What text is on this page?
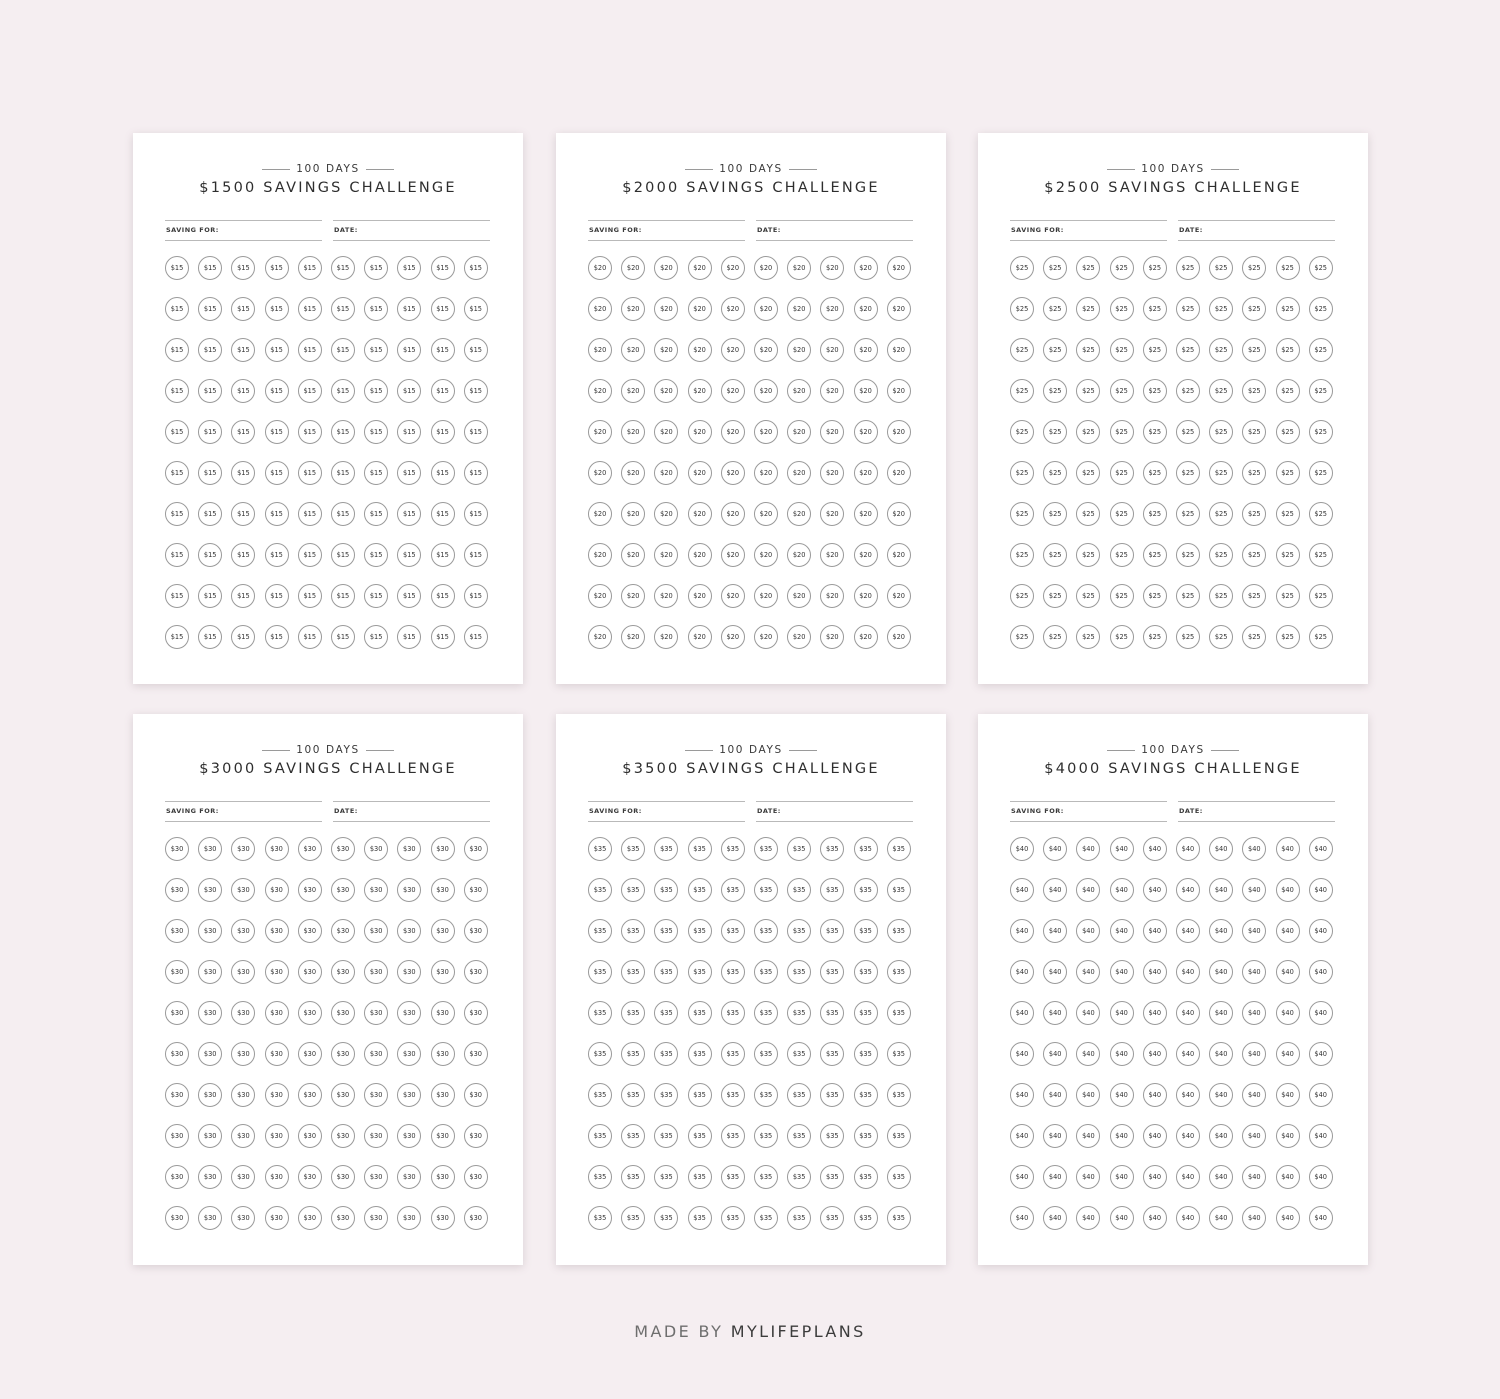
100 DAYS
$1500 SAVINGS CHALLENGE
SAVING FOR:	DATE:
$15	$15	$15	$15	$15	$15	$15	$15	$15	$15
$15	$15	$15	$15	$15	$15	$15	$15	$15	$15
$15	$15	$15	$15	$15	$15	$15	$15	$15	$15
$15	$15	$15	$15	$15	$15	$15	$15	$15	$15
$15	$15	$15	$15	$15	$15	$15	$15	$15	$15
$15	$15	$15	$15	$15	$15	$15	$15	$15	$15
$15	$15	$15	$15	$15	$15	$15	$15	$15	$15
$15	$15	$15	$15	$15	$15	$15	$15	$15	$15
$15	$15	$15	$15	$15	$15	$15	$15	$15	$15
$15	$15	$15	$15	$15	$15	$15	$15	$15	$15
100 DAYS
$2000 SAVINGS CHALLENGE
SAVING FOR:	DATE:
$20	$20	$20	$20	$20	$20	$20	$20	$20	$20
$20	$20	$20	$20	$20	$20	$20	$20	$20	$20
$20	$20	$20	$20	$20	$20	$20	$20	$20	$20
$20	$20	$20	$20	$20	$20	$20	$20	$20	$20
$20	$20	$20	$20	$20	$20	$20	$20	$20	$20
$20	$20	$20	$20	$20	$20	$20	$20	$20	$20
$20	$20	$20	$20	$20	$20	$20	$20	$20	$20
$20	$20	$20	$20	$20	$20	$20	$20	$20	$20
$20	$20	$20	$20	$20	$20	$20	$20	$20	$20
$20	$20	$20	$20	$20	$20	$20	$20	$20	$20
100 DAYS
$2500 SAVINGS CHALLENGE
SAVING FOR:	DATE:
$25	$25	$25	$25	$25	$25	$25	$25	$25	$25
$25	$25	$25	$25	$25	$25	$25	$25	$25	$25
$25	$25	$25	$25	$25	$25	$25	$25	$25	$25
$25	$25	$25	$25	$25	$25	$25	$25	$25	$25
$25	$25	$25	$25	$25	$25	$25	$25	$25	$25
$25	$25	$25	$25	$25	$25	$25	$25	$25	$25
$25	$25	$25	$25	$25	$25	$25	$25	$25	$25
$25	$25	$25	$25	$25	$25	$25	$25	$25	$25
$25	$25	$25	$25	$25	$25	$25	$25	$25	$25
$25	$25	$25	$25	$25	$25	$25	$25	$25	$25
100 DAYS
$3000 SAVINGS CHALLENGE
SAVING FOR:	DATE:
$30	$30	$30	$30	$30	$30	$30	$30	$30	$30
$30	$30	$30	$30	$30	$30	$30	$30	$30	$30
$30	$30	$30	$30	$30	$30	$30	$30	$30	$30
$30	$30	$30	$30	$30	$30	$30	$30	$30	$30
$30	$30	$30	$30	$30	$30	$30	$30	$30	$30
$30	$30	$30	$30	$30	$30	$30	$30	$30	$30
$30	$30	$30	$30	$30	$30	$30	$30	$30	$30
$30	$30	$30	$30	$30	$30	$30	$30	$30	$30
$30	$30	$30	$30	$30	$30	$30	$30	$30	$30
$30	$30	$30	$30	$30	$30	$30	$30	$30	$30
100 DAYS
$3500 SAVINGS CHALLENGE
SAVING FOR:	DATE:
$35	$35	$35	$35	$35	$35	$35	$35	$35	$35
$35	$35	$35	$35	$35	$35	$35	$35	$35	$35
$35	$35	$35	$35	$35	$35	$35	$35	$35	$35
$35	$35	$35	$35	$35	$35	$35	$35	$35	$35
$35	$35	$35	$35	$35	$35	$35	$35	$35	$35
$35	$35	$35	$35	$35	$35	$35	$35	$35	$35
$35	$35	$35	$35	$35	$35	$35	$35	$35	$35
$35	$35	$35	$35	$35	$35	$35	$35	$35	$35
$35	$35	$35	$35	$35	$35	$35	$35	$35	$35
$35	$35	$35	$35	$35	$35	$35	$35	$35	$35
100 DAYS
$4000 SAVINGS CHALLENGE
SAVING FOR:	DATE:
$40	$40	$40	$40	$40	$40	$40	$40	$40	$40
$40	$40	$40	$40	$40	$40	$40	$40	$40	$40
$40	$40	$40	$40	$40	$40	$40	$40	$40	$40
$40	$40	$40	$40	$40	$40	$40	$40	$40	$40
$40	$40	$40	$40	$40	$40	$40	$40	$40	$40
$40	$40	$40	$40	$40	$40	$40	$40	$40	$40
$40	$40	$40	$40	$40	$40	$40	$40	$40	$40
$40	$40	$40	$40	$40	$40	$40	$40	$40	$40
$40	$40	$40	$40	$40	$40	$40	$40	$40	$40
$40	$40	$40	$40	$40	$40	$40	$40	$40	$40
MADE BY MYLIFEPLANS
